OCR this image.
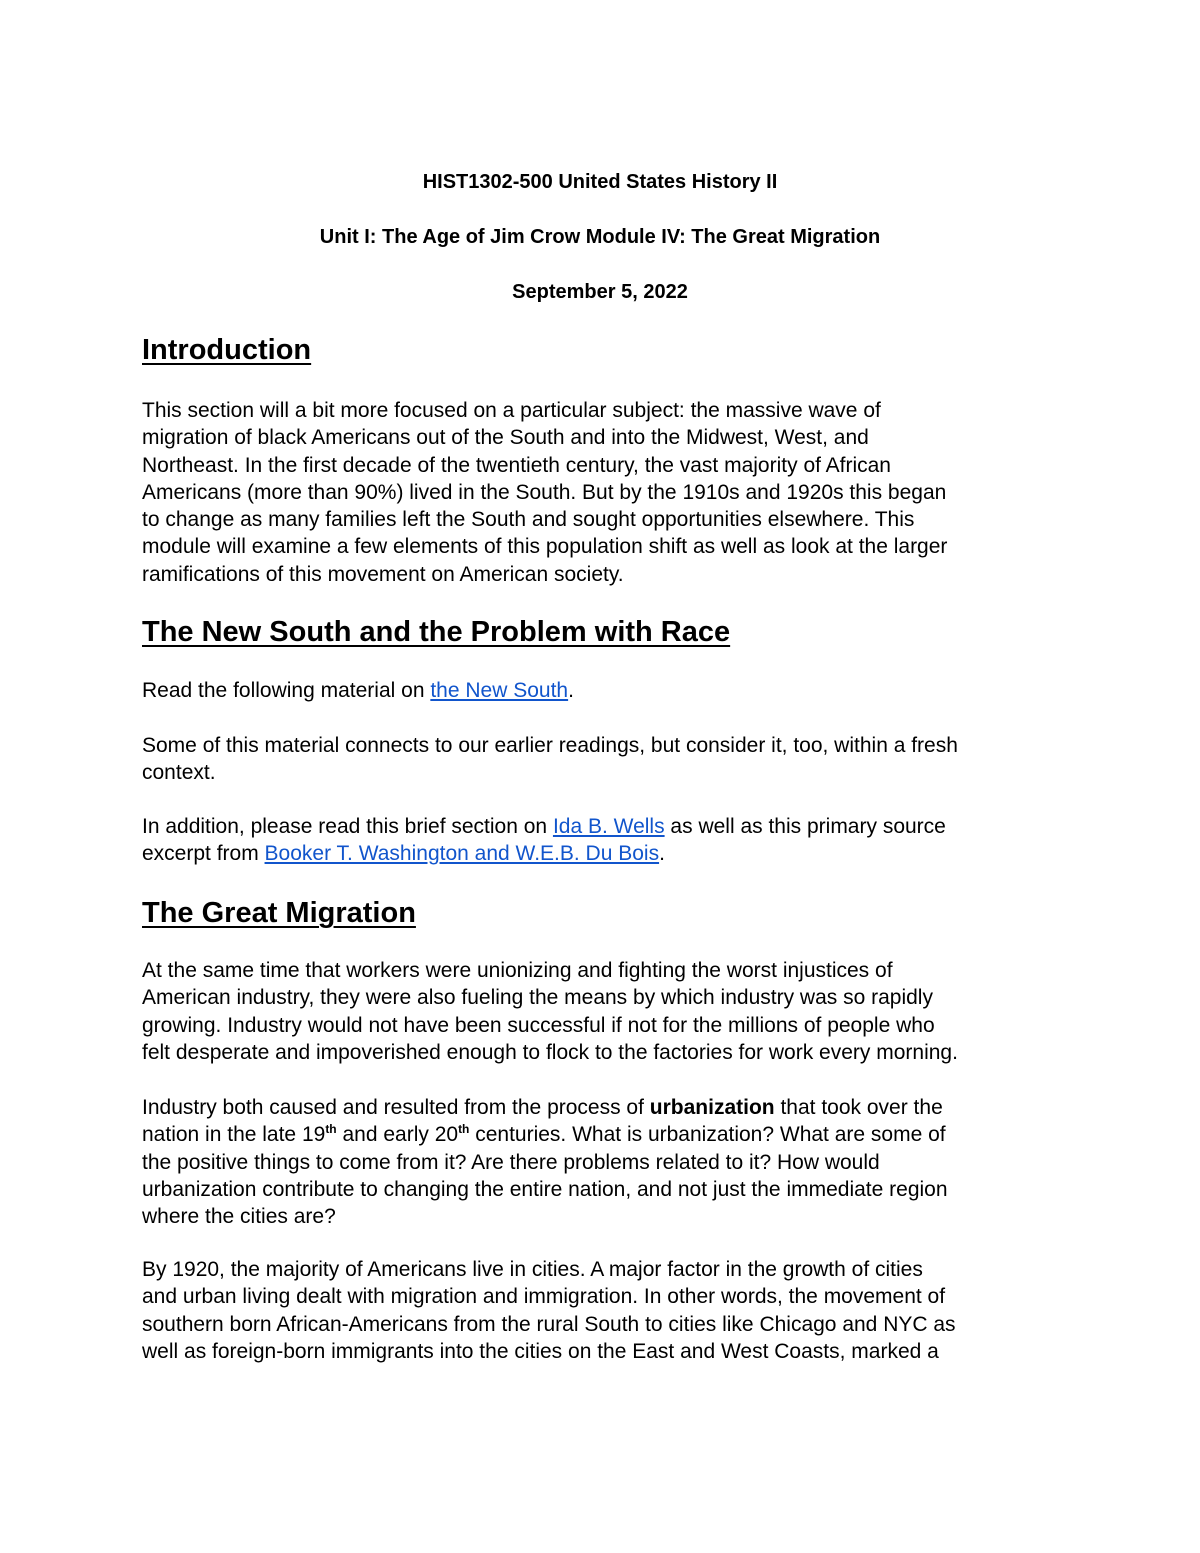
HIST1302-500 United States History II
Unit I: The Age of Jim Crow Module IV: The Great Migration
September 5, 2022
Introduction
This section will a bit more focused on a particular subject: the massive wave of
migration of black Americans out of the South and into the Midwest, West, and
Northeast. In the first decade of the twentieth century, the vast majority of African
Americans (more than 90%) lived in the South. But by the 1910s and 1920s this began
to change as many families left the South and sought opportunities elsewhere. This
module will examine a few elements of this population shift as well as look at the larger
ramifications of this movement on American society.
The New South and the Problem with Race
Read the following material on the New South.
Some of this material connects to our earlier readings, but consider it, too, within a fresh
context.
In addition, please read this brief section on Ida B. Wells as well as this primary source
excerpt from Booker T. Washington and W.E.B. Du Bois.
The Great Migration
At the same time that workers were unionizing and fighting the worst injustices of
American industry, they were also fueling the means by which industry was so rapidly
growing. Industry would not have been successful if not for the millions of people who
felt desperate and impoverished enough to flock to the factories for work every morning.
Industry both caused and resulted from the process of urbanization that took over the
nation in the late 19th and early 20th centuries. What is urbanization? What are some of
the positive things to come from it? Are there problems related to it? How would
urbanization contribute to changing the entire nation, and not just the immediate region
where the cities are?
By 1920, the majority of Americans live in cities. A major factor in the growth of cities
and urban living dealt with migration and immigration. In other words, the movement of
southern born African-Americans from the rural South to cities like Chicago and NYC as
well as foreign-born immigrants into the cities on the East and West Coasts, marked a
